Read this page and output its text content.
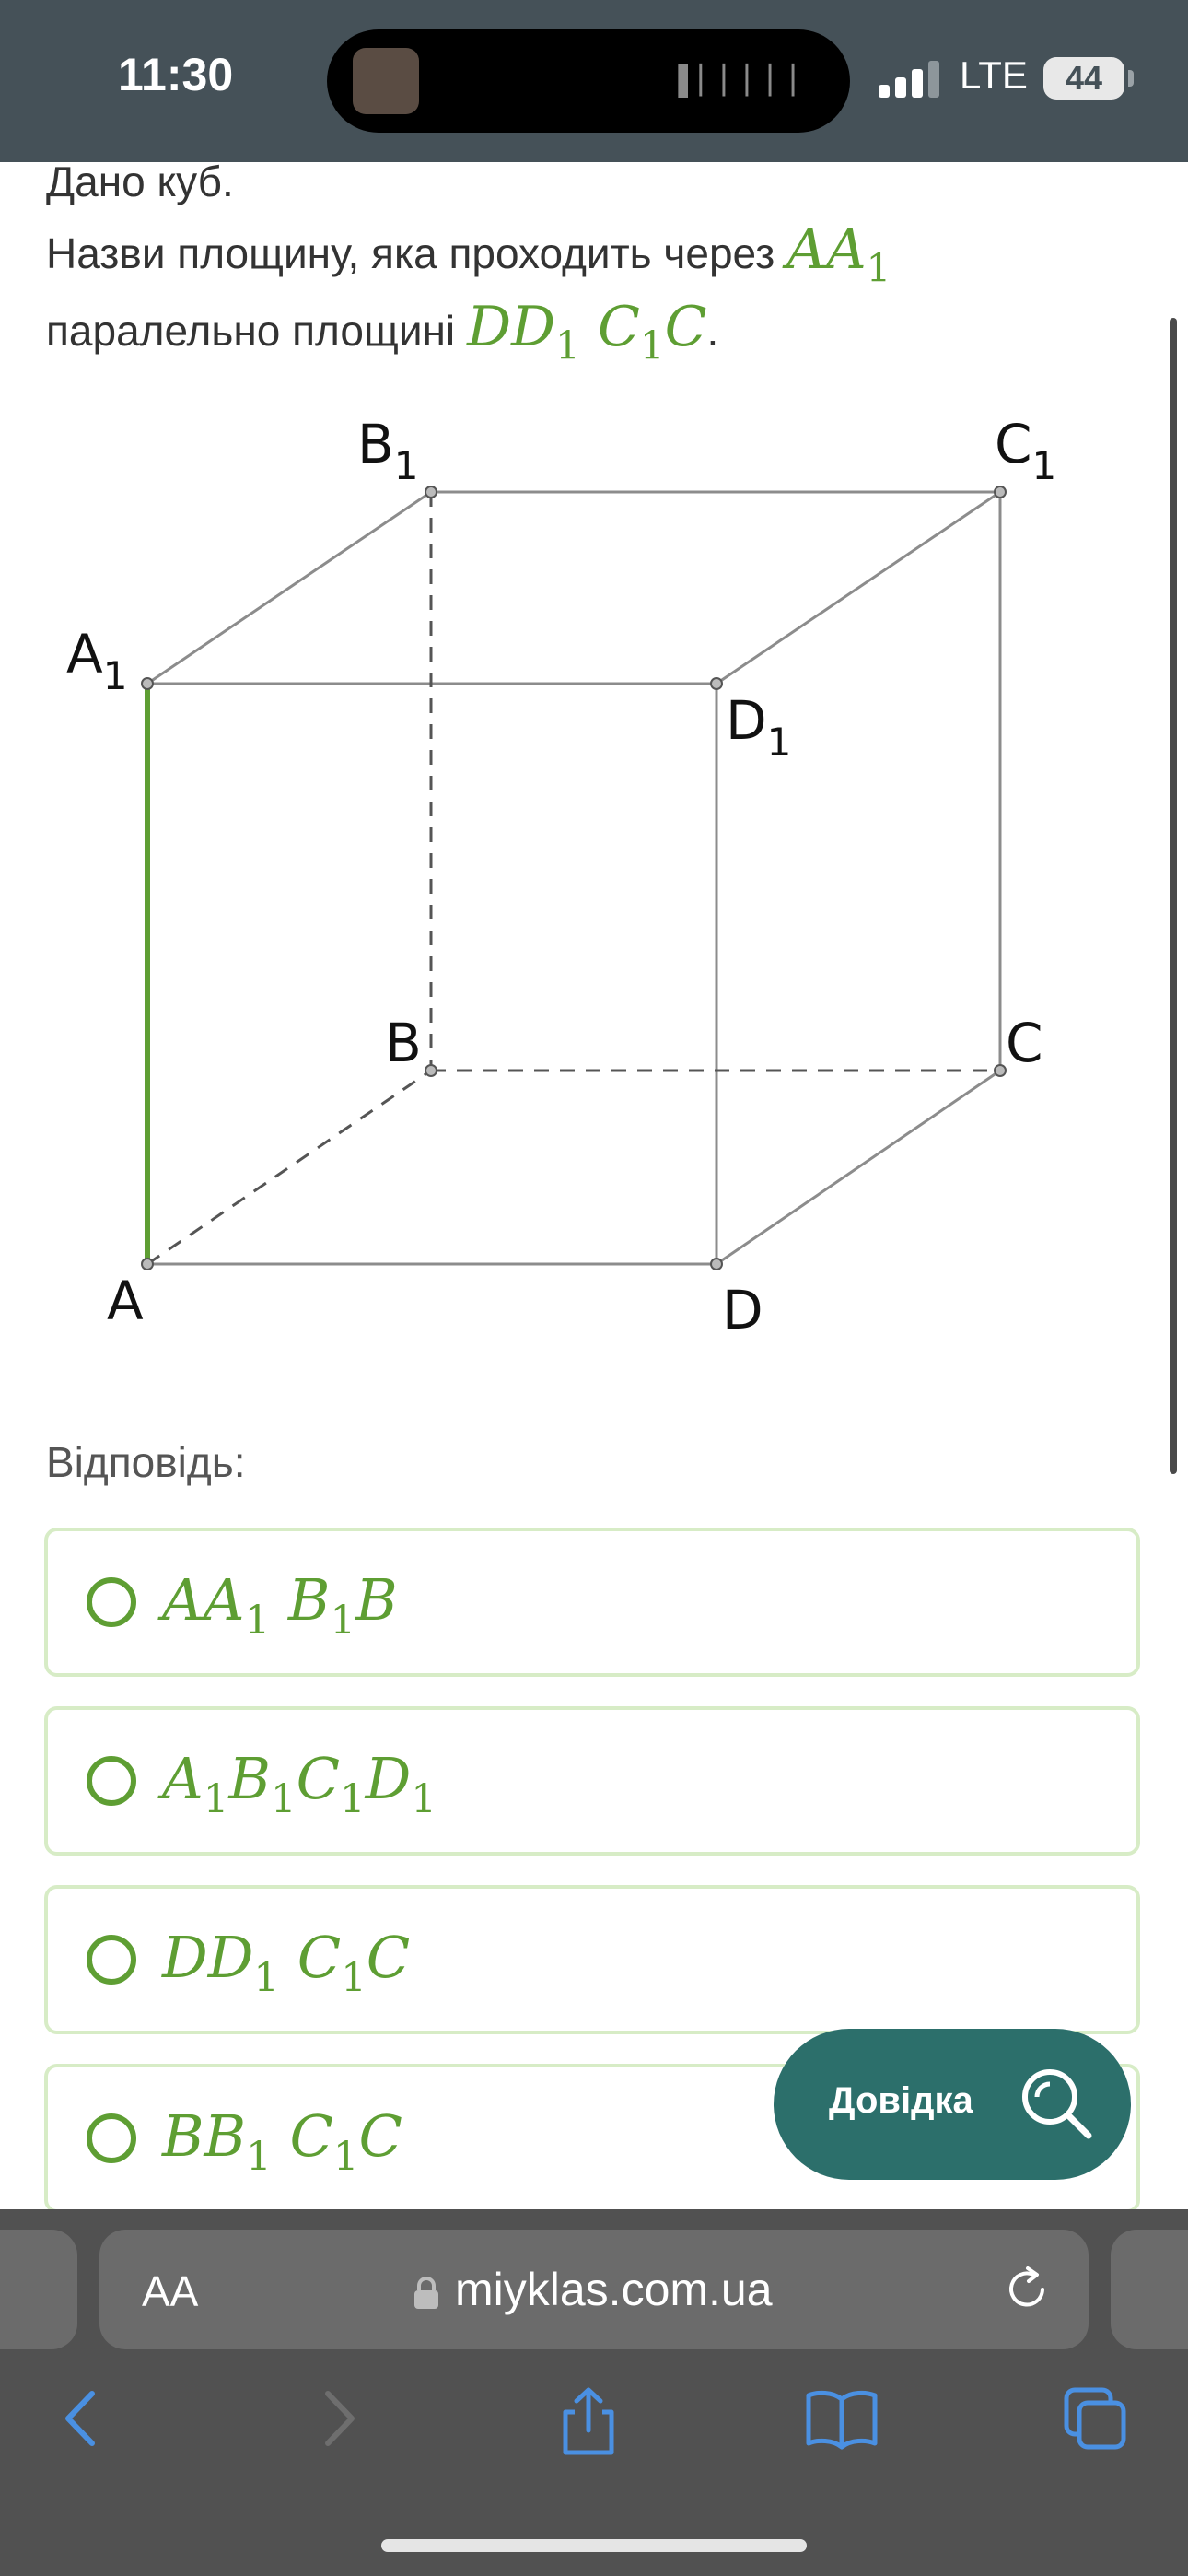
11:30	▌▏▏▏▏▏	LTE	44
Дано куб.
Назви площину, яка проходить через $AA_1$
паралельно площині $DD_1$ $C_1C$.
$B_1$	$C_1$
$A_1$
$D_1$
B	C
A	D
Відповідь:
$AA_1$ $B_1B$
$A_1B_1C_1D_1$
$DD_1$ $C_1C$
$BB_1$ $C_1C$
Довідка
AA	miyklas.com.ua
